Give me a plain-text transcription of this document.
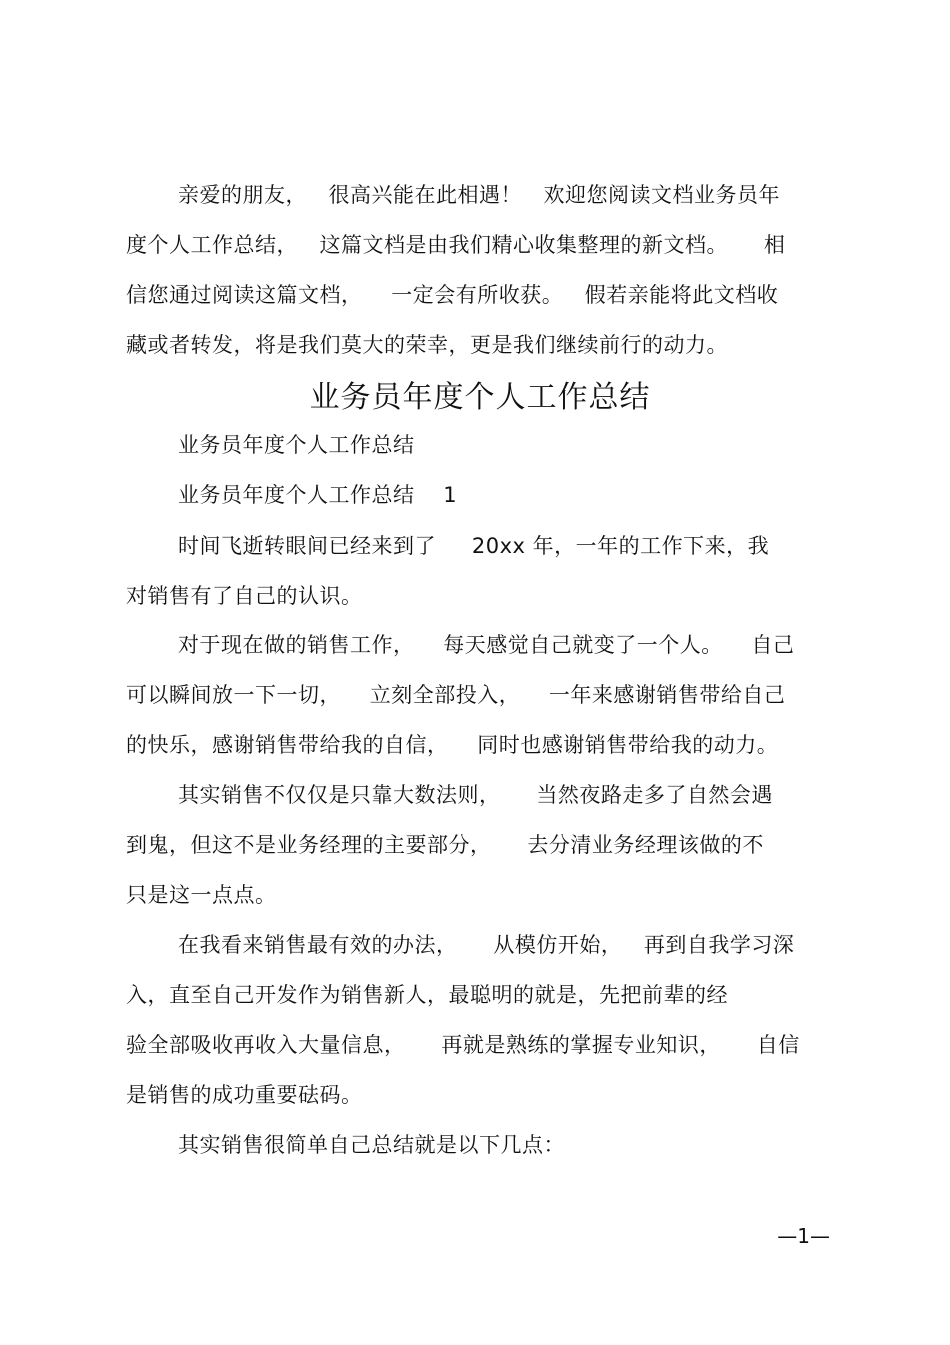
亲爱的朋友，   很高兴能在此相遇！   欢迎您阅读文档业务员年
度个人工作总结，   这篇文档是由我们精心收集整理的新文档。     相
信您通过阅读这篇文档，    一定会有所收获。   假若亲能将此文档收
藏或者转发，将是我们莫大的荣幸，更是我们继续前行的动力。
业务员年度个人工作总结
业务员年度个人工作总结
业务员年度个人工作总结    1
时间飞逝转眼间已经来到了     20xx 年，一年的工作下来，我
对销售有了自己的认识。
对于现在做的销售工作，    每天感觉自己就变了一个人。    自己
可以瞬间放一下一切，    立刻全部投入，    一年来感谢销售带给自己
的快乐，感谢销售带给我的自信，    同时也感谢销售带给我的动力。
其实销售不仅仅是只靠大数法则，     当然夜路走多了自然会遇
到鬼，但这不是业务经理的主要部分，     去分清业务经理该做的不
只是这一点点。
在我看来销售最有效的办法，     从模仿开始，   再到自我学习深
入，直至自己开发作为销售新人，最聪明的就是，先把前辈的经
验全部吸收再收入大量信息，     再就是熟练的掌握专业知识，     自信
是销售的成功重要砝码。
其实销售很简单自己总结就是以下几点：
—1—
